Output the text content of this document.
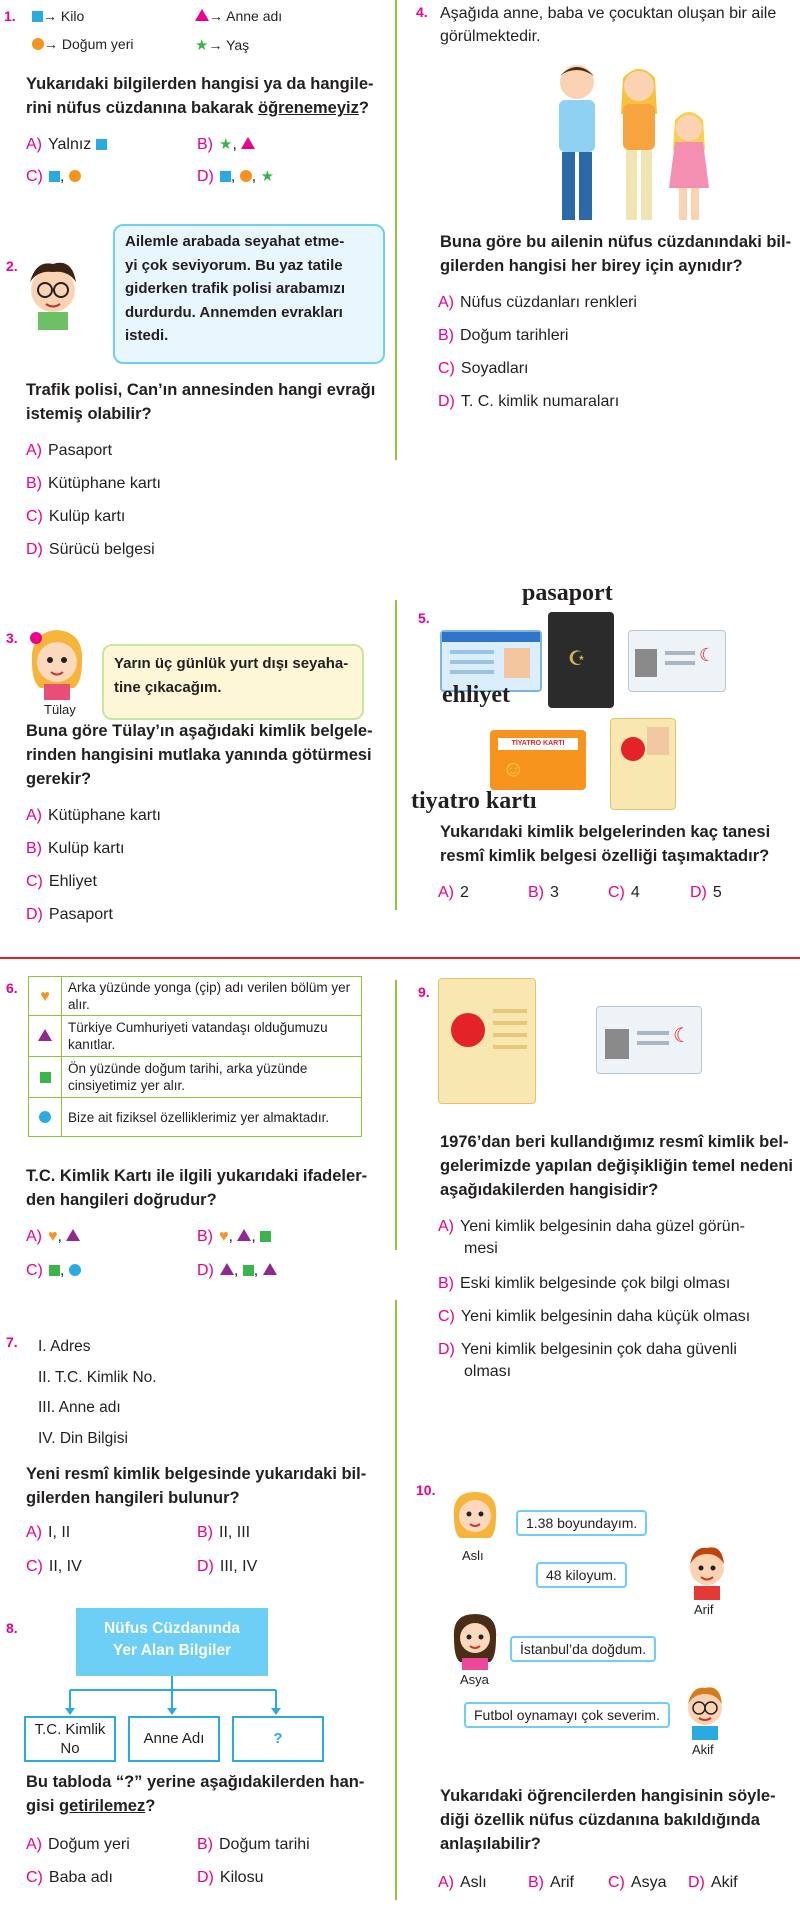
1.	→ Kilo	→ Anne adı
→ Doğum yeri	★→ Yaş
Yukarıdaki bilgilerden hangisi ya da hangile-
rini nüfus cüzdanına bakarak öğrenemeyiz?
A) Yalnız	B) ★,
C) ,	D) , , ★
2.
Ailemle arabada seyahat etme-
yi çok seviyorum. Bu yaz tatile
giderken trafik polisi arabamızı
durdurdu. Annemden evrakları
istedi.
Trafik polisi, Can’ın annesinden hangi evrağı
istemiş olabilir?
A) Pasaport
B) Kütüphane kartı
C) Kulüp kartı
D) Sürücü belgesi
3.
Yarın üç günlük yurt dışı seyaha-
tine çıkacağım.
Tülay
Buna göre Tülay’ın aşağıdaki kimlik belgele-
rinden hangisini mutlaka yanında götürmesi
gerekir?
A) Kütüphane kartı
B) Kulüp kartı
C) Ehliyet
D) Pasaport
4. Aşağıda anne, baba ve çocuktan oluşan bir aile
görülmektedir.
Buna göre bu ailenin nüfus cüzdanındaki bil-
gilerden hangisi her birey için aynıdır?
A) Nüfus cüzdanları renkleri
B) Doğum tarihleri
C) Soyadları
D) T. C. kimlik numaraları
5.
pasaport
☪
ehliyet
☾
TİYATRO KARTI
☺
tiyatro kartı
Yukarıdaki kimlik belgelerinden kaç tanesi
resmî kimlik belgesi özelliği taşımaktadır?
A) 2	B) 3	C) 4	D) 5
6. ♥	Arka yüzünde yonga (çip) adı verilen bölüm yer alır.
	Türkiye Cumhuriyeti vatandaşı olduğumuzu kanıtlar.
	Ön yüzünde doğum tarihi, arka yüzünde cinsiyetimiz yer alır.
	Bize ait fiziksel özelliklerimiz yer almaktadır.
T.C. Kimlik Kartı ile ilgili yukarıdaki ifadeler-
den hangileri doğrudur?
A) ♥,	B) ♥, ,
C) ,	D) , ,
7. I. Adres
II. T.C. Kimlik No.
III. Anne adı
IV. Din Bilgisi
Yeni resmî kimlik belgesinde yukarıdaki bil-
gilerden hangileri bulunur?
A) I, II	B) II, III
C) II, IV	D) III, IV
8.	Nüfus Cüzdanında
Yer Alan Bilgiler
T.C. Kimlik No
Anne Adı	?
Bu tabloda “?” yerine aşağıdakilerden han-
gisi getirilemez?
A) Doğum yeri	B) Doğum tarihi
C) Baba adı	D) Kilosu
9.
☾
1976’dan beri kullandığımız resmî kimlik bel-
gelerimizde yapılan değişikliğin temel nedeni
aşağıdakilerden hangisidir?
A) Yeni kimlik belgesinin daha güzel görün-
mesi
B) Eski kimlik belgesinde çok bilgi olması
C) Yeni kimlik belgesinin daha küçük olması
D) Yeni kimlik belgesinin çok daha güvenli
olması
10.
Aslı
1.38 boyundayım.
48 kiloyum.
Arif
Asya
İstanbul’da doğdum.
Futbol oynamayı çok severim.
Akif
Yukarıdaki öğrencilerden hangisinin söyle-
diği özellik nüfus cüzdanına bakıldığında
anlaşılabilir?
A) Aslı	B) Arif C) Asya D) Akif
